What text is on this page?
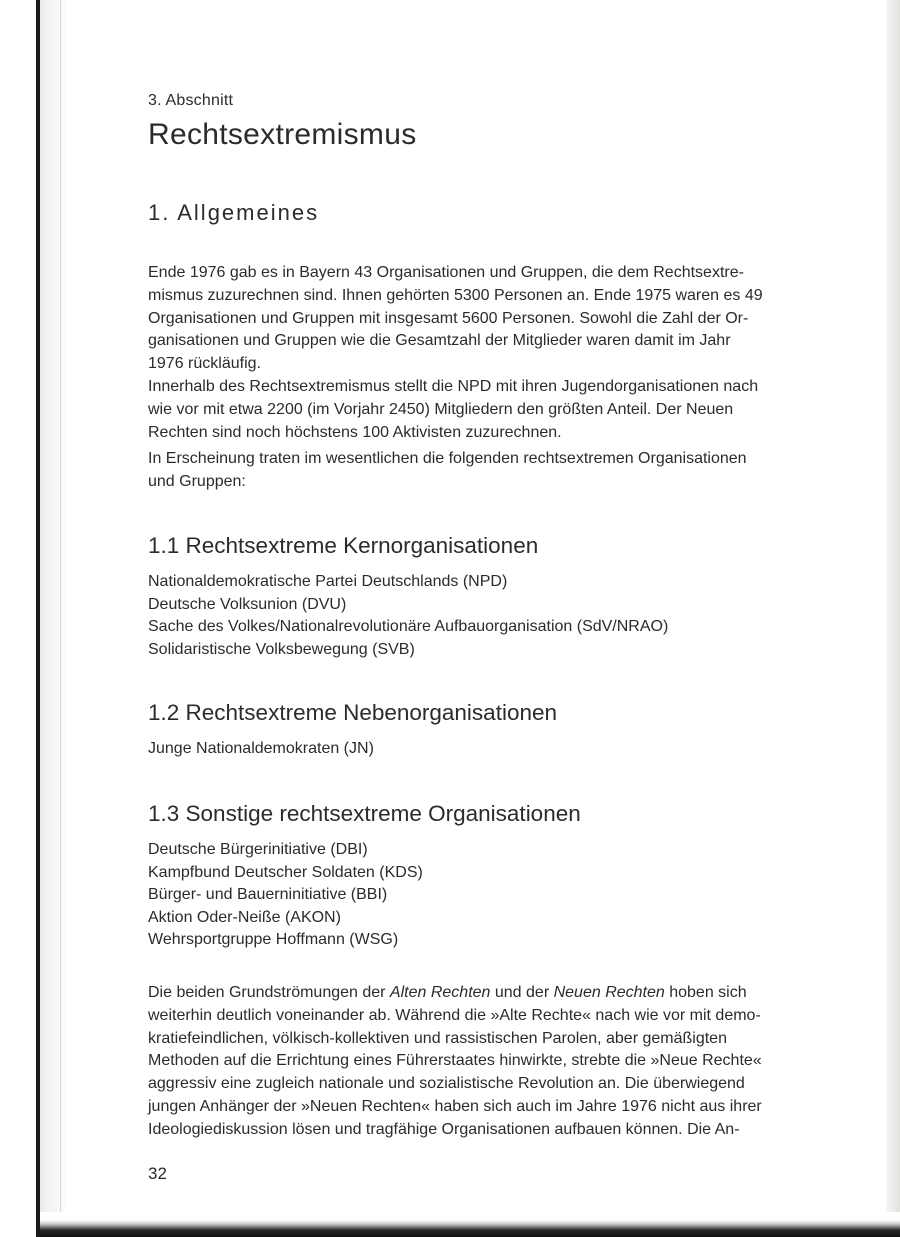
3. Abschnitt
Rechtsextremismus
1. Allgemeines

Ende 1976 gab es in Bayern 43 Organisationen und Gruppen, die dem Rechtsextre-
mismus zuzurechnen sind. Ihnen gehörten 5300 Personen an. Ende 1975 waren es 49
Organisationen und Gruppen mit insgesamt 5600 Personen. Sowohl die Zahl der Or-
ganisationen und Gruppen wie die Gesamtzahl der Mitglieder waren damit im Jahr
1976 rückläufig.

Innerhalb des Rechtsextremismus stellt die NPD mit ihren Jugendorganisationen nach
wie vor mit etwa 2200 (im Vorjahr 2450) Mitgliedern den größten Anteil. Der Neuen
Rechten sind noch höchstens 100 Aktivisten zuzurechnen.

In Erscheinung traten im wesentlichen die folgenden rechtsextremen Organisationen
und Gruppen:

1.1 Rechtsextreme Kernorganisationen
Nationaldemokratische Partei Deutschlands (NPD)
Deutsche Volksunion (DVU)
Sache des Volkes/Nationalrevolutionäre Aufbauorganisation (SdV/NRAO)
Solidaristische Volksbewegung (SVB)
1.2 Rechtsextreme Nebenorganisationen
Junge Nationaldemokraten (JN)
1.3 Sonstige rechtsextreme Organisationen
Deutsche Bürgerinitiative (DBI)
Kampfbund Deutscher Soldaten (KDS)
Bürger- und Bauerninitiative (BBI)
Aktion Oder-Neiße (AKON)
Wehrsportgruppe Hoffmann (WSG)

Die beiden Grundströmungen der Alten Rechten und der Neuen Rechten hoben sich
weiterhin deutlich voneinander ab. Während die »Alte Rechte« nach wie vor mit demo-
kratiefeindlichen, völkisch-kollektiven und rassistischen Parolen, aber gemäßigten
Methoden auf die Errichtung eines Führerstaates hinwirkte, strebte die »Neue Rechte«
aggressiv eine zugleich nationale und sozialistische Revolution an. Die überwiegend
jungen Anhänger der »Neuen Rechten« haben sich auch im Jahre 1976 nicht aus ihrer
Ideologiediskussion lösen und tragfähige Organisationen aufbauen können. Die An-

32
